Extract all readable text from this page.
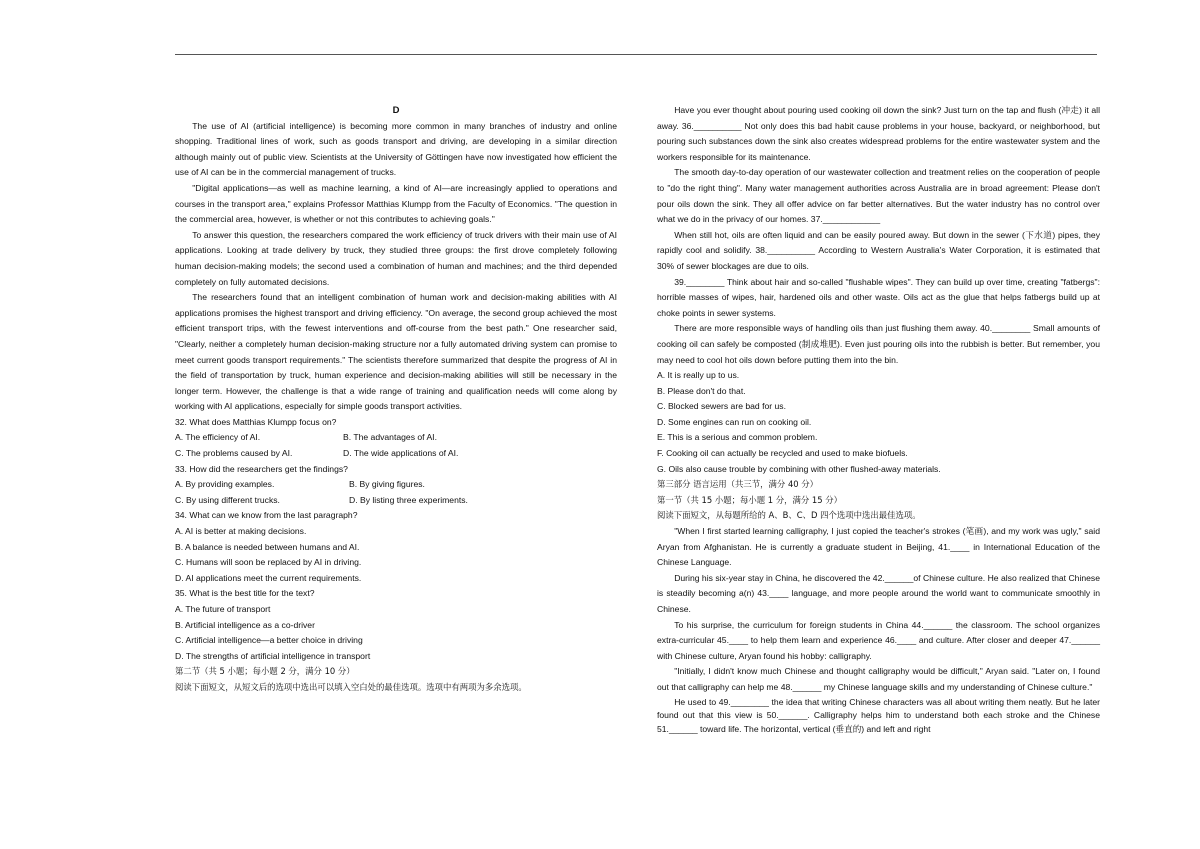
D

The use of AI (artificial intelligence) is becoming more common in many branches of industry and online shopping. Traditional lines of work, such as goods transport and driving, are developing in a similar direction although mainly out of public view. Scientists at the University of Göttingen have now investigated how efficient the use of AI can be in the commercial management of trucks.

"Digital applications—as well as machine learning, a kind of AI—are increasingly applied to operations and courses in the transport area," explains Professor Matthias Klumpp from the Faculty of Economics. "The question in the commercial area, however, is whether or not this contributes to achieving goals."

To answer this question, the researchers compared the work efficiency of truck drivers with their main use of AI applications. Looking at trade delivery by truck, they studied three groups: the first drove completely following human decision-making models; the second used a combination of human and machines; and the third depended completely on fully automated decisions.

The researchers found that an intelligent combination of human work and decision-making abilities with AI applications promises the highest transport and driving efficiency. "On average, the second group achieved the most efficient transport trips, with the fewest interventions and off-course from the best path." One researcher said, "Clearly, neither a completely human decision-making structure nor a fully automated driving system can promise to meet current goods transport requirements." The scientists therefore summarized that despite the progress of AI in the field of transportation by truck, human experience and decision-making abilities will still be necessary in the longer term. However, the challenge is that a wide range of training and qualification needs will come along by working with AI applications, especially for simple goods transport activities.

32. What does Matthias Klumpp focus on?

A. The efficiency of AI.	B. The advantages of AI.
C. The problems caused by AI.	D. The wide applications of AI.

33. How did the researchers get the findings?

A. By providing examples.	B. By giving figures.
C. By using different trucks.	D. By listing three experiments.

34. What can we know from the last paragraph?

A. AI is better at making decisions.

B. A balance is needed between humans and AI.

C. Humans will soon be replaced by AI in driving.

D. AI applications meet the current requirements.

35. What is the best title for the text?

A. The future of transport

B. Artificial intelligence as a co-driver

C. Artificial intelligence—a better choice in driving

D. The strengths of artificial intelligence in transport

第二节（共 5 小题；每小题 2 分，满分 10 分）

阅读下面短文，从短文后的选项中选出可以填入空白处的最佳选项。选项中有两项为多余选项。

Have you ever thought about pouring used cooking oil down the sink? Just turn on the tap and flush (冲走) it all away. 36.__________ Not only does this bad habit cause problems in your house, backyard, or neighborhood, but pouring such substances down the sink also creates widespread problems for the entire wastewater system and the workers responsible for its maintenance.

The smooth day-to-day operation of our wastewater collection and treatment relies on the cooperation of people to "do the right thing". Many water management authorities across Australia are in broad agreement: Please don't pour oils down the sink. They all offer advice on far better alternatives. But the water industry has no control over what we do in the privacy of our homes. 37.____________

When still hot, oils are often liquid and can be easily poured away. But down in the sewer (下水道) pipes, they rapidly cool and solidify. 38.__________ According to Western Australia's Water Corporation, it is estimated that 30% of sewer blockages are due to oils.

39.________ Think about hair and so-called "flushable wipes". They can build up over time, creating "fatbergs": horrible masses of wipes, hair, hardened oils and other waste. Oils act as the glue that helps fatbergs build up at choke points in sewer systems.

There are more responsible ways of handling oils than just flushing them away. 40.________ Small amounts of cooking oil can safely be composted (制成堆肥). Even just pouring oils into the rubbish is better. But remember, you may need to cool hot oils down before putting them into the bin.

A. It is really up to us.

B. Please don't do that.

C. Blocked sewers are bad for us.

D. Some engines can run on cooking oil.

E. This is a serious and common problem.

F. Cooking oil can actually be recycled and used to make biofuels.

G. Oils also cause trouble by combining with other flushed-away materials.

第三部分 语言运用（共三节，满分 40 分）

第一节（共 15 小题；每小题 1 分，满分 15 分）

阅读下面短文，从每题所给的 A、B、C、D 四个选项中选出最佳选项。

"When I first started learning calligraphy, I just copied the teacher's strokes (笔画), and my work was ugly," said Aryan from Afghanistan. He is currently a graduate student in Beijing, 41.____ in International Education of the Chinese Language.

During his six-year stay in China, he discovered the 42.______of Chinese culture. He also realized that Chinese is steadily becoming a(n) 43.____ language, and more people around the world want to communicate smoothly in Chinese.

To his surprise, the curriculum for foreign students in China 44.______ the classroom. The school organizes extra-curricular 45.____ to help them learn and experience 46.____ and culture. After closer and deeper 47.______ with Chinese culture, Aryan found his hobby: calligraphy.

"Initially, I didn't know much Chinese and thought calligraphy would be difficult," Aryan said. "Later on, I found out that calligraphy can help me 48.______ my Chinese language skills and my understanding of Chinese culture."

He used to 49.________ the idea that writing Chinese characters was all about writing them neatly. But he later found out that this view is 50.______. Calligraphy helps him to understand both each stroke and the Chinese 51.______ toward life. The horizontal, vertical (垂直的) and left and right
